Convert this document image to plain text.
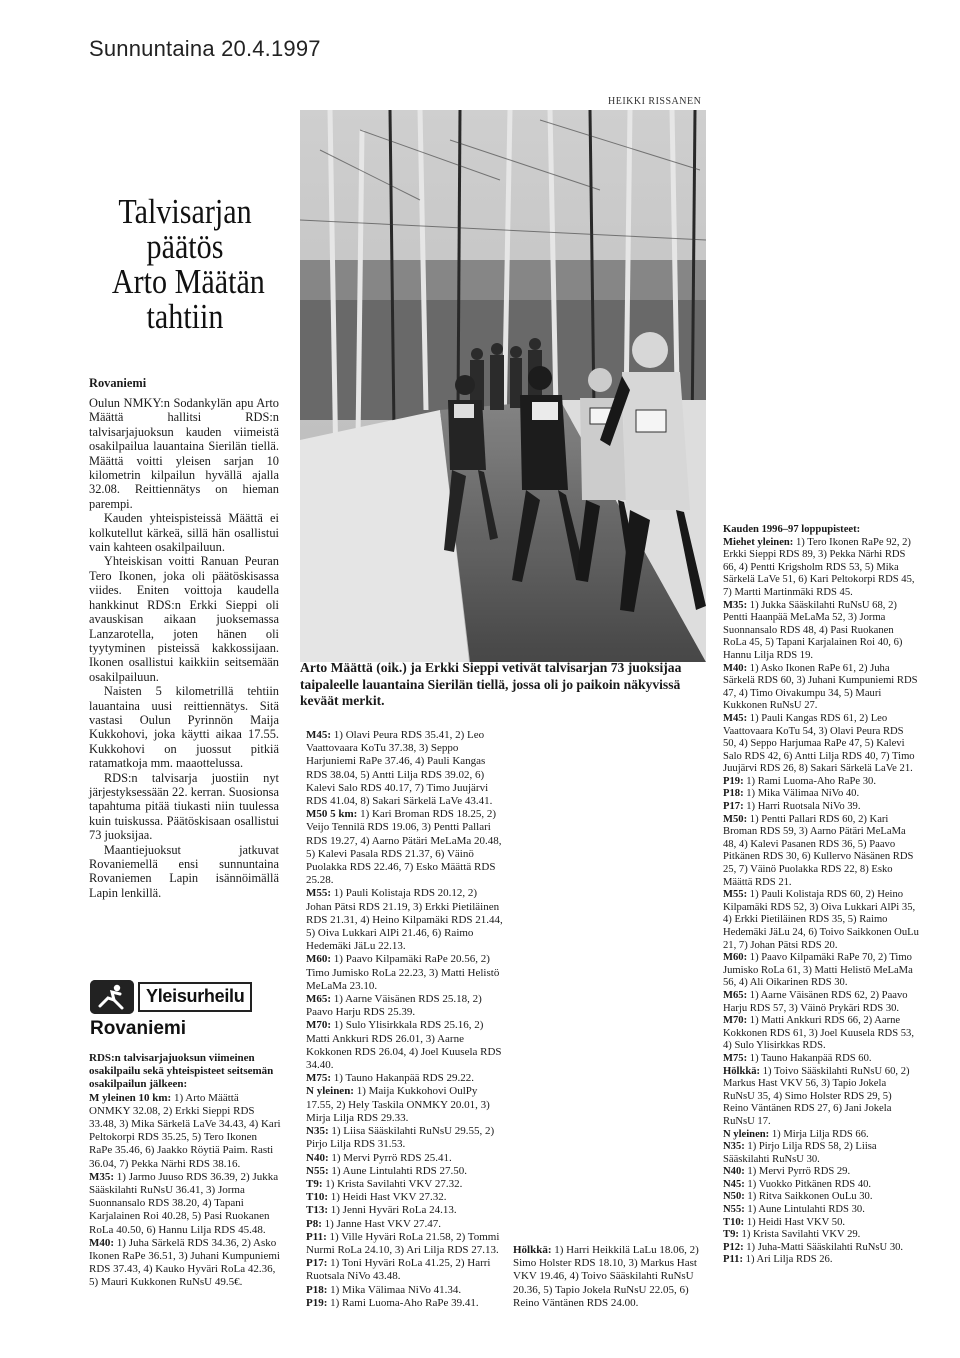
Sunnuntaina 20.4.1997
HEIKKI RISSANEN
Talvisarjan
päätös
Arto Määtän
tahtiin
Rovaniemi

Oulun NMKY:n Sodankylän apu Arto Määttä hallitsi RDS:n talvisarjajuoksun kauden viimeistä osakilpailua lauantaina Sierilän tiellä. Määttä voitti yleisen sarjan 10 kilometrin kilpailun hyvällä ajalla 32.08. Reittiennätys on hieman parempi.

Kauden yhteispisteissä Määttä ei kolkutellut kärkeä, sillä hän osallistui vain kahteen osakilpailuun.

Yhteiskisan voitti Ranuan Peuran Tero Ikonen, joka oli päätöskisassa viides. Eniten voittoja kaudella hankkinut RDS:n Erkki Sieppi oli avauskisan aikaan juoksemassa Lanzarotella, joten hänen oli tyytyminen pisteissä kakkossijaan. Ikonen osallistui kaikkiin seitsemään osakilpailuun.

Naisten 5 kilometrillä tehtiin lauantaina uusi reittiennätys. Sitä vastasi Oulun Pyrinnön Maija Kukkohovi, joka käytti aikaa 17.55. Kukkohovi on juossut pitkiä ratamatkoja mm. maaottelussa.

RDS:n talvisarja juostiin nyt järjestyksessään 22. kerran. Suosionsa tapahtuma pitää tiukasti niin tuulessa kuin tuiskussa. Päätöskisaan osallistui 73 juoksijaa.

Maantiejuoksut jatkuvat Rovaniemellä ensi sunnuntaina Rovaniemen Lapin isännöimällä Lapin lenkillä.

Yleisurheilu
Rovaniemi

RDS:n talvisarjajuoksun viimeinen osakilpailu sekä yhteispisteet seitsemän osakilpailun jälkeen:

M yleinen 10 km: 1) Arto Määttä ONMKY 32.08, 2) Erkki Sieppi RDS 33.48, 3) Mika Särkelä LaVe 34.43, 4) Kari Peltokorpi RDS 35.25, 5) Tero Ikonen RaPe 35.46, 6) Jaakko Röytiä Paim. Rasti 36.04, 7) Pekka Närhi RDS 38.16.

M35: 1) Jarmo Juuso RDS 36.39, 2) Jukka Sääskilahti RuNsU 36.41, 3) Jorma Suonnansalo RDS 38.20, 4) Tapani Karjalainen Roi 40.28, 5) Pasi Ruokanen RoLa 40.50, 6) Hannu Lilja RDS 45.48.

M40: 1) Juha Särkelä RDS 34.36, 2) Asko Ikonen RaPe 36.51, 3) Juhani Kumpuniemi RDS 37.43, 4) Kauko Hyväri RoLa 42.36, 5) Mauri Kukkonen RuNsU 49.5€.

Arto Määttä (oik.) ja Erkki Sieppi vetivät talvisarjan 73 juoksijaa taipaleelle lauantaina Sierilän tiellä, jossa oli jo paikoin näkyvissä keväät merkit.

M45: 1) Olavi Peura RDS 35.41, 2) Leo Vaattovaara KoTu 37.38, 3) Seppo Harjuniemi RaPe 37.46, 4) Pauli Kangas RDS 38.04, 5) Antti Lilja RDS 39.02, 6) Kalevi Salo RDS 40.17, 7) Timo Juujärvi RDS 41.04, 8) Sakari Särkelä LaVe 43.41.

M50 5 km: 1) Kari Broman RDS 18.25, 2) Veijo Tennilä RDS 19.06, 3) Pentti Pallari RDS 19.27, 4) Aarno Pätäri MeLaMa 20.48, 5) Kalevi Pasala RDS 21.37, 6) Väinö Puolakka RDS 22.46, 7) Esko Määttä RDS 25.28.

M55: 1) Pauli Kolistaja RDS 20.12, 2) Johan Pätsi RDS 21.19, 3) Erkki Pietiläinen RDS 21.31, 4) Heino Kilpamäki RDS 21.44, 5) Oiva Lukkari AlPi 21.46, 6) Raimo Hedemäki JäLu 22.13.

M60: 1) Paavo Kilpamäki RaPe 20.56, 2) Timo Jumisko RoLa 22.23, 3) Matti Helistö MeLaMa 23.10.

M65: 1) Aarne Väisänen RDS 25.18, 2) Paavo Harju RDS 25.39.

M70: 1) Sulo Ylisirkkala RDS 25.16, 2) Matti Ankkuri RDS 26.01, 3) Aarne Kokkonen RDS 26.04, 4) Joel Kuusela RDS 34.40.

M75: 1) Tauno Hakanpää RDS 29.22.

N yleinen: 1) Maija Kukkohovi OulPy 17.55, 2) Hely Taskila ONMKY 20.01, 3) Mirja Lilja RDS 29.33.

N35: 1) Liisa Sääskilahti RuNsU 29.55, 2) Pirjo Lilja RDS 31.53.

N40: 1) Mervi Pyrrö RDS 25.41.

N55: 1) Aune Lintulahti RDS 27.50.

T9: 1) Krista Savilahti VKV 27.32.

T10: 1) Heidi Hast VKV 27.32.

T13: 1) Jenni Hyväri RoLa 24.13.

P8: 1) Janne Hast VKV 27.47.

P11: 1) Ville Hyväri RoLa 21.58, 2) Tommi Nurmi RoLa 24.10, 3) Ari Lilja RDS 27.13.

P17: 1) Toni Hyväri RoLa 41.25, 2) Harri Ruotsala NiVo 43.48.

P18: 1) Mika Välimaa NiVo 41.34.

P19: 1) Rami Luoma-Aho RaPe 39.41.

Hölkkä: 1) Harri Heikkilä LaLu 18.06, 2) Simo Holster RDS 18.10, 3) Markus Hast VKV 19.46, 4) Toivo Sääskilahti RuNsU 20.36, 5) Tapio Jokela RuNsU 22.05, 6) Reino Väntänen RDS 24.00.

Kauden 1996–97 loppupisteet:

Miehet yleinen: 1) Tero Ikonen RaPe 92, 2) Erkki Sieppi RDS 89, 3) Pekka Närhi RDS 66, 4) Pentti Krigsholm RDS 53, 5) Mika Särkelä LaVe 51, 6) Kari Peltokorpi RDS 45, 7) Martti Martinmäki RDS 45.

M35: 1) Jukka Sääskilahti RuNsU 68, 2) Pentti Haanpää MeLaMa 52, 3) Jorma Suonnansalo RDS 48, 4) Pasi Ruokanen RoLa 45, 5) Tapani Karjalainen Roi 40, 6) Hannu Lilja RDS 19.

M40: 1) Asko Ikonen RaPe 61, 2) Juha Särkelä RDS 60, 3) Juhani Kumpuniemi RDS 47, 4) Timo Oivakumpu 34, 5) Mauri Kukkonen RuNsU 27.

M45: 1) Pauli Kangas RDS 61, 2) Leo Vaattovaara KoTu 54, 3) Olavi Peura RDS 50, 4) Seppo Harjumaa RaPe 47, 5) Kalevi Salo RDS 42, 6) Antti Lilja RDS 40, 7) Timo Juujärvi RDS 26, 8) Sakari Särkelä LaVe 21.

P19: 1) Rami Luoma-Aho RaPe 30.

P18: 1) Mika Välimaa NiVo 40.

P17: 1) Harri Ruotsala NiVo 39.

M50: 1) Pentti Pallari RDS 60, 2) Kari Broman RDS 59, 3) Aarno Pätäri MeLaMa 48, 4) Kalevi Pasanen RDS 36, 5) Paavo Pitkänen RDS 30, 6) Kullervo Näsänen RDS 25, 7) Väinö Puolakka RDS 22, 8) Esko Määttä RDS 21.

M55: 1) Pauli Kolistaja RDS 60, 2) Heino Kilpamäki RDS 52, 3) Oiva Lukkari AlPi 35, 4) Erkki Pietiläinen RDS 35, 5) Raimo Hedemäki JäLu 24, 6) Toivo Saikkonen OuLu 21, 7) Johan Pätsi RDS 20.

M60: 1) Paavo Kilpamäki RaPe 70, 2) Timo Jumisko RoLa 61, 3) Matti Helistö MeLaMa 56, 4) Ali Oikarinen RDS 30.

M65: 1) Aarne Väisänen RDS 62, 2) Paavo Harju RDS 57, 3) Väinö Prykäri RDS 30.

M70: 1) Matti Ankkuri RDS 66, 2) Aarne Kokkonen RDS 61, 3) Joel Kuusela RDS 53, 4) Sulo Ylisirkkas RDS.

M75: 1) Tauno Hakanpää RDS 60.

Hölkkä: 1) Toivo Sääskilahti RuNsU 60, 2) Markus Hast VKV 56, 3) Tapio Jokela RuNsU 35, 4) Simo Holster RDS 29, 5) Reino Väntänen RDS 27, 6) Jani Jokela RuNsU 17.

N yleinen: 1) Mirja Lilja RDS 66.

N35: 1) Pirjo Lilja RDS 58, 2) Liisa Sääskilahti RuNsU 30.

N40: 1) Mervi Pyrrö RDS 29.

N45: 1) Vuokko Pitkänen RDS 40.

N50: 1) Ritva Saikkonen OuLu 30.

N55: 1) Aune Lintulahti RDS 30.

T10: 1) Heidi Hast VKV 50.

T9: 1) Krista Savilahti VKV 29.

P12: 1) Juha-Matti Sääskilahti RuNsU 30.

P11: 1) Ari Lilja RDS 26.
